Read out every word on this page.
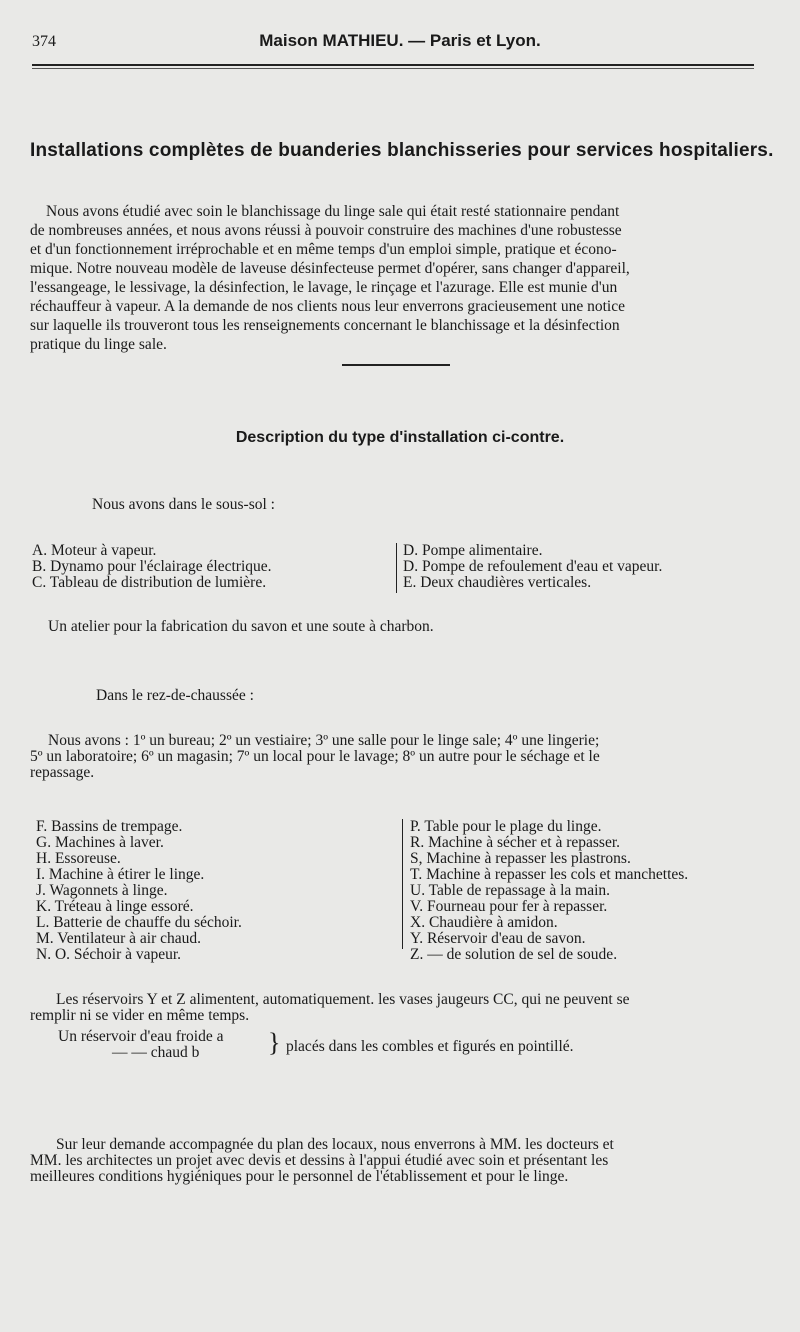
374	Maison MATHIEU. — Paris et Lyon.
Installations complètes de buanderies blanchisseries pour services hospitaliers.
Nous avons étudié avec soin le blanchissage du linge sale qui était resté stationnaire pendant
de nombreuses années, et nous avons réussi à pouvoir construire des machines d'une robustesse
et d'un fonctionnement irréprochable et en même temps d'un emploi simple, pratique et écono-
mique. Notre nouveau modèle de laveuse désinfecteuse permet d'opérer, sans changer d'appareil,
l'essangeage, le lessivage, la désinfection, le lavage, le rinçage et l'azurage. Elle est munie d'un
réchauffeur à vapeur. A la demande de nos clients nous leur enverrons gracieusement une notice
sur laquelle ils trouveront tous les renseignements concernant le blanchissage et la désinfection
pratique du linge sale.
Description du type d'installation ci-contre.
Nous avons dans le sous-sol :
A. Moteur à vapeur.
B. Dynamo pour l'éclairage électrique.
C. Tableau de distribution de lumière.
D. Pompe alimentaire.
D. Pompe de refoulement d'eau et vapeur.
E. Deux chaudières verticales.
Un atelier pour la fabrication du savon et une soute à charbon.
Dans le rez-de-chaussée :
Nous avons : 1º un bureau; 2º un vestiaire; 3º une salle pour le linge sale; 4º une lingerie;
5º un laboratoire; 6º un magasin; 7º un local pour le lavage; 8º un autre pour le séchage et le
repassage.
F. Bassins de trempage.
G. Machines à laver.
H. Essoreuse.
I. Machine à étirer le linge.
J. Wagonnets à linge.
K. Tréteau à linge essoré.
L. Batterie de chauffe du séchoir.
M. Ventilateur à air chaud.
N. O. Séchoir à vapeur.
P. Table pour le plage du linge.
R. Machine à sécher et à repasser.
S, Machine à repasser les plastrons.
T. Machine à repasser les cols et manchettes.
U. Table de repassage à la main.
V. Fourneau pour fer à repasser.
X. Chaudière à amidon.
Y. Réservoir d'eau de savon.
Z. — de solution de sel de soude.
Les réservoirs Y et Z alimentent, automatiquement. les vases jaugeurs CC, qui ne peuvent se
remplir ni se vider en même temps.
Un réservoir d'eau froide a
— — chaud b	} placés dans les combles et figurés en pointillé.
Sur leur demande accompagnée du plan des locaux, nous enverrons à MM. les docteurs et
MM. les architectes un projet avec devis et dessins à l'appui étudié avec soin et présentant les
meilleures conditions hygiéniques pour le personnel de l'établissement et pour le linge.
